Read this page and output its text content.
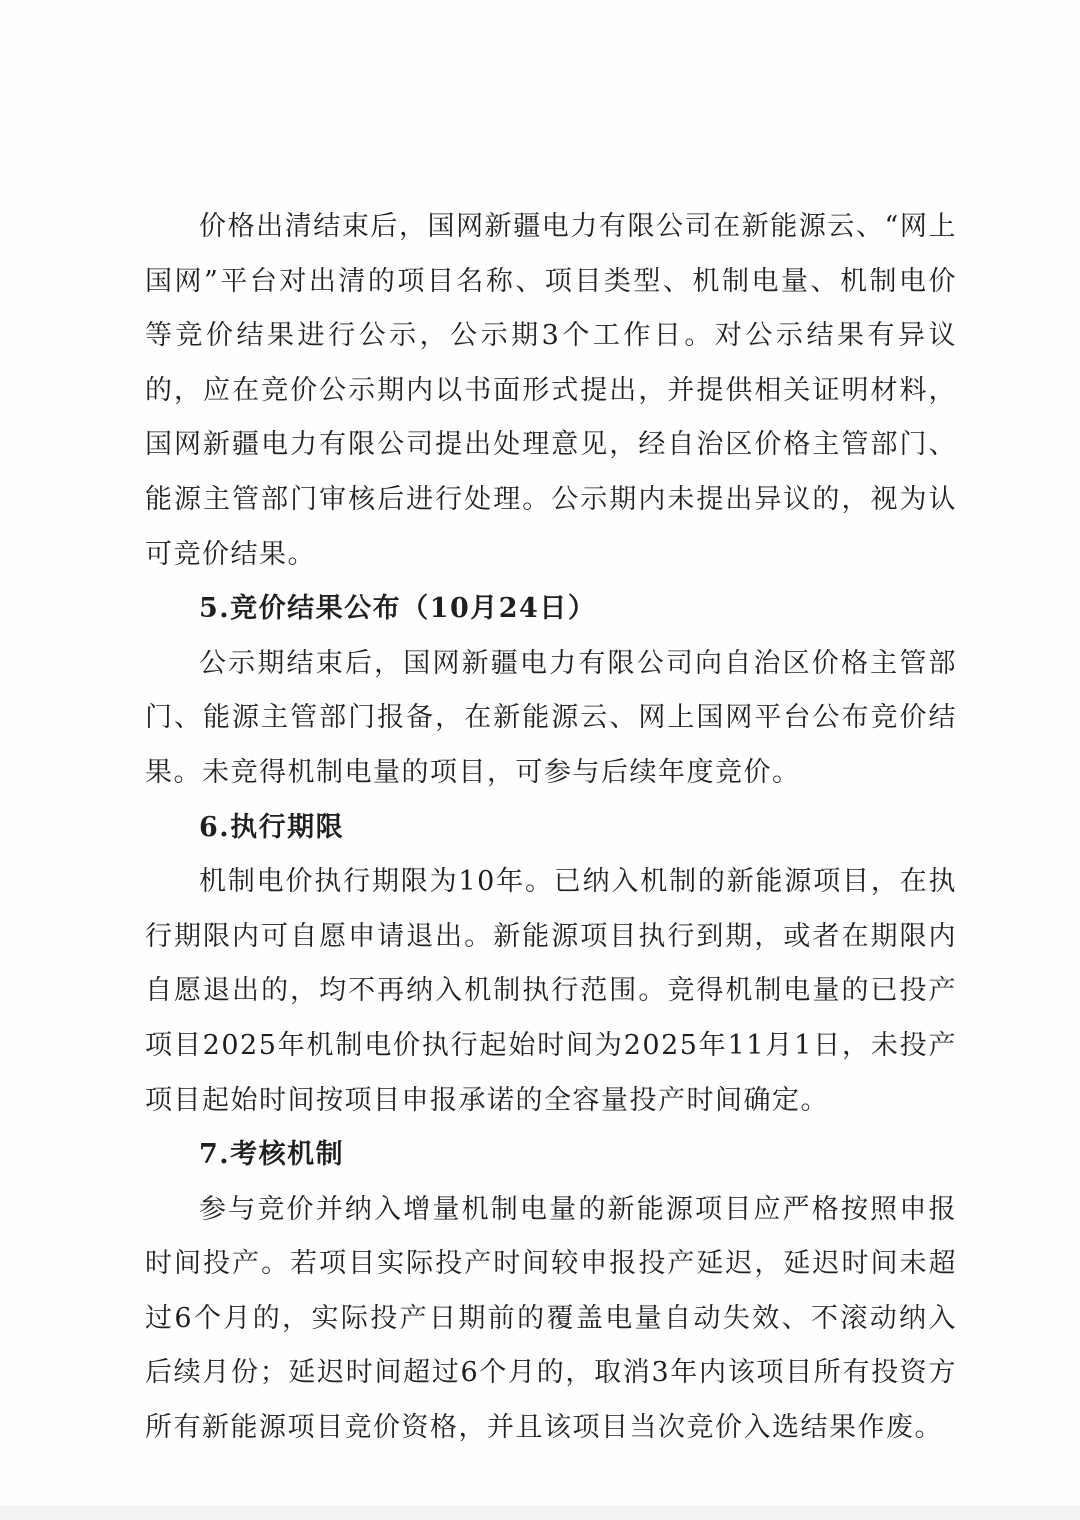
价格出清结束后，国网新疆电力有限公司在新能源云、“网上国网”平台对出清的项目名称、项目类型、机制电量、机制电价等竞价结果进行公示，公示期3个工作日。对公示结果有异议的，应在竞价公示期内以书面形式提出，并提供相关证明材料，国网新疆电力有限公司提出处理意见，经自治区价格主管部门、能源主管部门审核后进行处理。公示期内未提出异议的，视为认可竞价结果。

5.竞价结果公布（10月24日）

公示期结束后，国网新疆电力有限公司向自治区价格主管部门、能源主管部门报备，在新能源云、网上国网平台公布竞价结果。未竞得机制电量的项目，可参与后续年度竞价。

6.执行期限

机制电价执行期限为10年。已纳入机制的新能源项目，在执行期限内可自愿申请退出。新能源项目执行到期，或者在期限内自愿退出的，均不再纳入机制执行范围。竞得机制电量的已投产项目2025年机制电价执行起始时间为2025年11月1日，未投产项目起始时间按项目申报承诺的全容量投产时间确定。

7.考核机制

参与竞价并纳入增量机制电量的新能源项目应严格按照申报时间投产。若项目实际投产时间较申报投产延迟，延迟时间未超过6个月的，实际投产日期前的覆盖电量自动失效、不滚动纳入后续月份；延迟时间超过6个月的，取消3年内该项目所有投资方所有新能源项目竞价资格，并且该项目当次竞价入选结果作废。
